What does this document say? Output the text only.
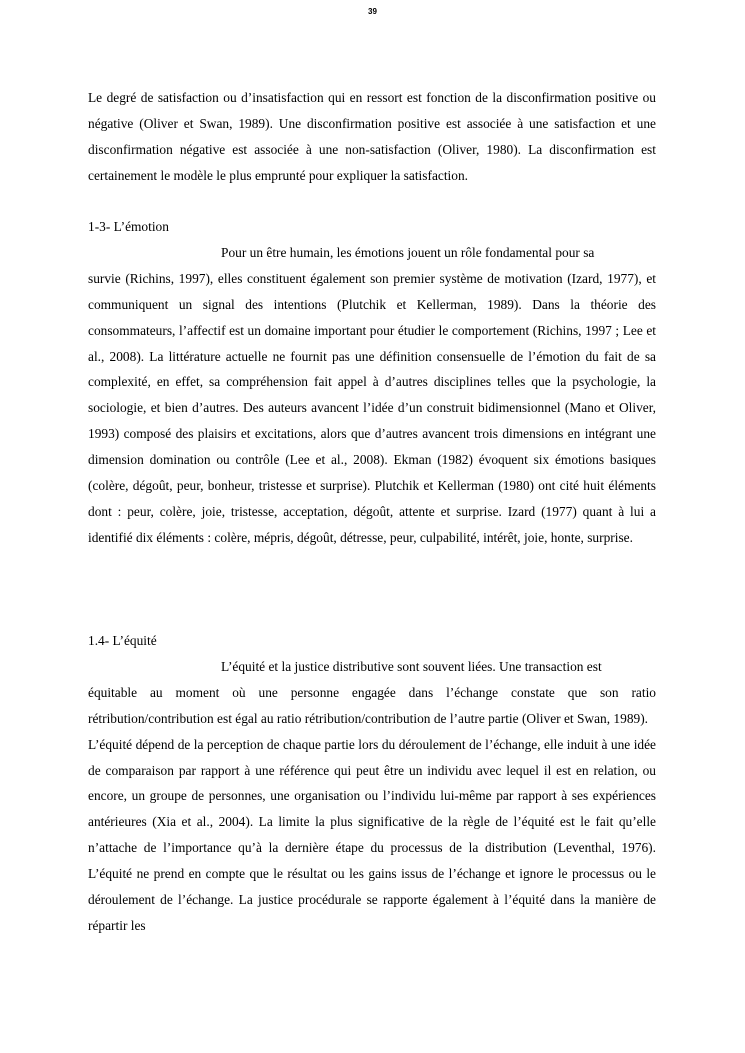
39

Le degré de satisfaction ou d’insatisfaction qui en ressort est fonction de la disconfirmation positive ou négative (Oliver et Swan, 1989). Une disconfirmation positive est associée à une satisfaction et une disconfirmation négative est associée à une non-satisfaction (Oliver, 1980). La disconfirmation est certainement le modèle le plus emprunté pour expliquer la satisfaction.

1-3- L’émotion

Pour un être humain, les émotions jouent un rôle fondamental pour sa
survie (Richins, 1997), elles constituent également son premier système de motivation (Izard, 1977), et communiquent un signal des intentions (Plutchik et Kellerman, 1989). Dans la théorie des consommateurs, l’affectif est un domaine important pour étudier le comportement (Richins, 1997 ; Lee et al., 2008). La littérature actuelle ne fournit pas une définition consensuelle de l’émotion du fait de sa complexité, en effet, sa compréhension fait appel à d’autres disciplines telles que la psychologie, la sociologie, et bien d’autres. Des auteurs avancent l’idée d’un construit bidimensionnel (Mano et Oliver, 1993) composé des plaisirs et excitations, alors que d’autres avancent trois dimensions en intégrant une dimension domination ou contrôle (Lee et al., 2008). Ekman (1982) évoquent six émotions basiques (colère, dégoût, peur, bonheur, tristesse et surprise). Plutchik et Kellerman (1980) ont cité huit éléments dont : peur, colère, joie, tristesse, acceptation, dégoût, attente et surprise. Izard (1977) quant à lui a identifié dix éléments : colère, mépris, dégoût, détresse, peur, culpabilité, intérêt, joie, honte, surprise.

1.4- L’équité

L’équité et la justice distributive sont souvent liées. Une transaction est
équitable au moment où une personne engagée dans l’échange constate que son ratio rétribution/contribution est égal au ratio rétribution/contribution de l’autre partie (Oliver et Swan, 1989).

L’équité dépend de la perception de chaque partie lors du déroulement de l’échange, elle induit à une idée de comparaison par rapport à une référence qui peut être un individu avec lequel il est en relation, ou encore, un groupe de personnes, une organisation ou l’individu lui-même par rapport à ses expériences antérieures (Xia et al., 2004). La limite la plus significative de la règle de l’équité est le fait qu’elle n’attache de l’importance qu’à la dernière étape du processus de la distribution (Leventhal, 1976). L’équité ne prend en compte que le résultat ou les gains issus de l’échange et ignore le processus ou le déroulement de l’échange. La justice procédurale se rapporte également à l’équité dans la manière de répartir les
